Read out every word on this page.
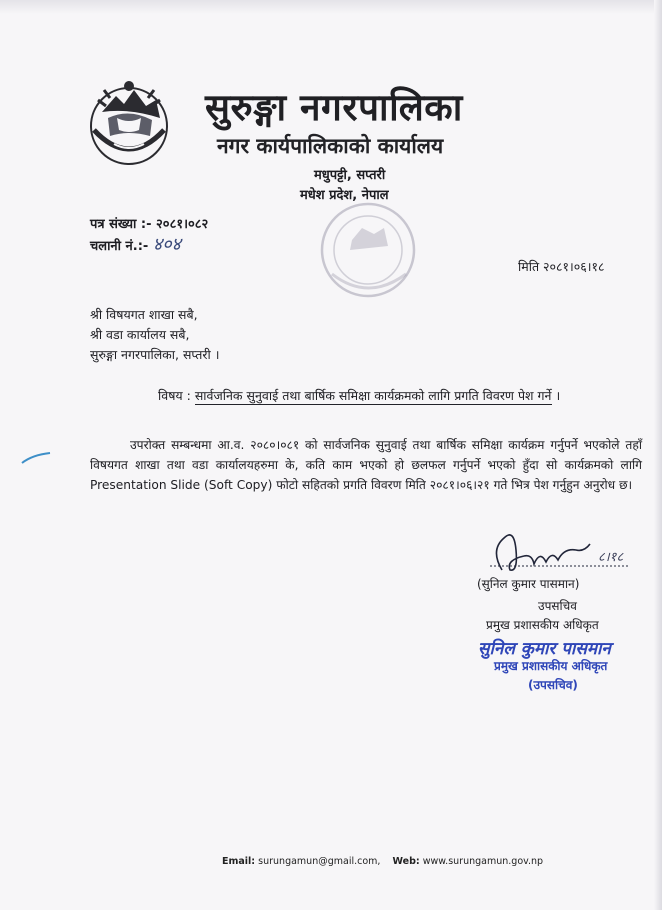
सुरुङ्गा नगरपालिका
नगर कार्यपालिकाको कार्यालय
मधुपट्टी, सप्तरी
मधेश प्रदेश, नेपाल
पत्र संख्या :- २०८१।०८२
चलानी नं.:- ४०४
मिति २०८१।०६।१८
श्री विषयगत शाखा सबै,
श्री वडा कार्यालय सबै,
सुरुङ्गा नगरपालिका, सप्तरी ।
विषय : सार्वजनिक सुनुवाई तथा बार्षिक समिक्षा कार्यक्रमको लागि प्रगति विवरण पेश गर्ने ।
उपरोक्त सम्बन्धमा आ.व. २०८०।०८१ को सार्वजनिक सुनुवाई तथा बार्षिक समिक्षा कार्यक्रम गर्नुपर्ने भएकोले तहाँ विषयगत शाखा तथा वडा कार्यालयहरुमा के, कति काम भएको हो छलफल गर्नुपर्ने भएको हुँदा सो कार्यक्रमको लागि Presentation Slide (Soft Copy) फोटो सहितको प्रगति विवरण मिति २०८१।०६।२१ गते भित्र पेश गर्नुहुन अनुरोध छ।
८।१८
(सुनिल कुमार पासमान)
उपसचिव
प्रमुख प्रशासकीय अधिकृत
सुनिल कुमार पासमान
प्रमुख प्रशासकीय अधिकृत
(उपसचिव)
Email: surungamun@gmail.com, Web: www.surungamun.gov.np
